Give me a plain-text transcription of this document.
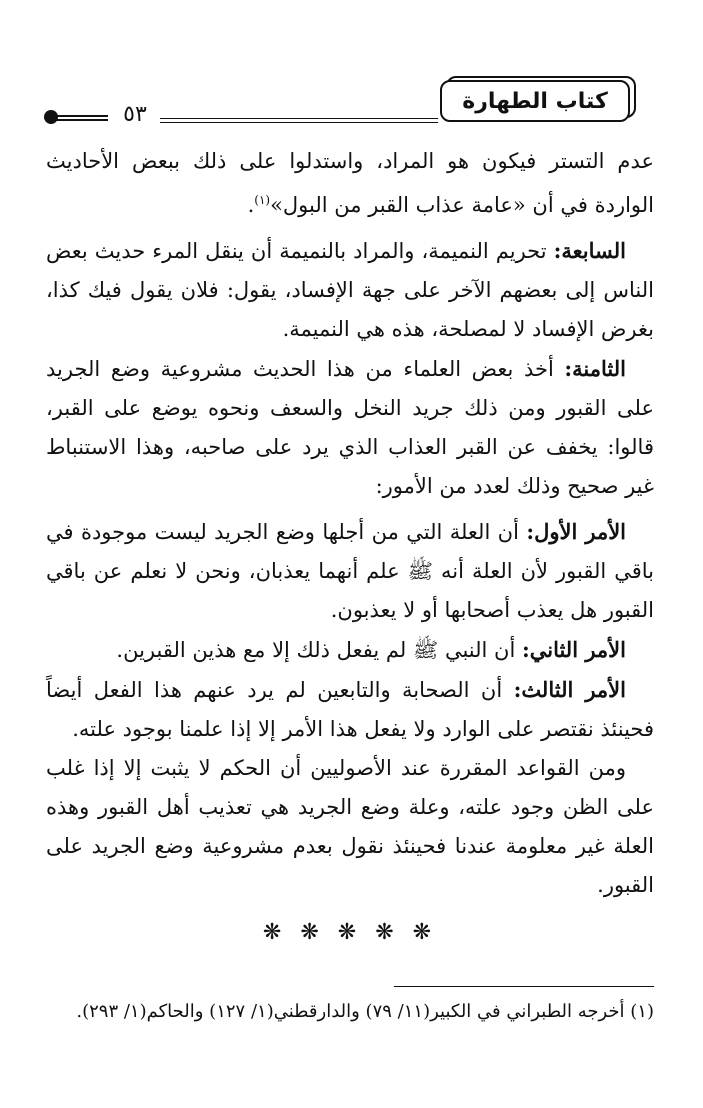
كتاب الطهارة
٥٣

عدم التستر فيكون هو المراد، واستدلوا على ذلك ببعض الأحاديث الواردة في أن «عامة عذاب القبر من البول»$^{(١)}$.

السابعة: تحريم النميمة، والمراد بالنميمة أن ينقل المرء حديث بعض الناس إلى بعضهم الآخر على جهة الإفساد، يقول: فلان يقول فيك كذا، بغرض الإفساد لا لمصلحة، هذه هي النميمة.

الثامنة: أخذ بعض العلماء من هذا الحديث مشروعية وضع الجريد على القبور ومن ذلك جريد النخل والسعف ونحوه يوضع على القبر، قالوا: يخفف عن القبر العذاب الذي يرد على صاحبه، وهذا الاستنباط غير صحيح وذلك لعدد من الأمور:

الأمر الأول: أن العلة التي من أجلها وضع الجريد ليست موجودة في باقي القبور لأن العلة أنه ﷺ علم أنهما يعذبان، ونحن لا نعلم عن باقي القبور هل يعذب أصحابها أو لا يعذبون.

الأمر الثاني: أن النبي ﷺ لم يفعل ذلك إلا مع هذين القبرين.

الأمر الثالث: أن الصحابة والتابعين لم يرد عنهم هذا الفعل أيضاً فحينئذ نقتصر على الوارد ولا يفعل هذا الأمر إلا إذا علمنا بوجود علته.

ومن القواعد المقررة عند الأصوليين أن الحكم لا يثبت إلا إذا غلب على الظن وجود علته، وعلة وضع الجريد هي تعذيب أهل القبور وهذه العلة غير معلومة عندنا فحينئذ نقول بعدم مشروعية وضع الجريد على القبور.

❋ ❋ ❋ ❋ ❋
(١) أخرجه الطبراني في الكبير(١١/ ٧٩) والدارقطني(١/ ١٢٧) والحاكم(١/ ٢٩٣).
